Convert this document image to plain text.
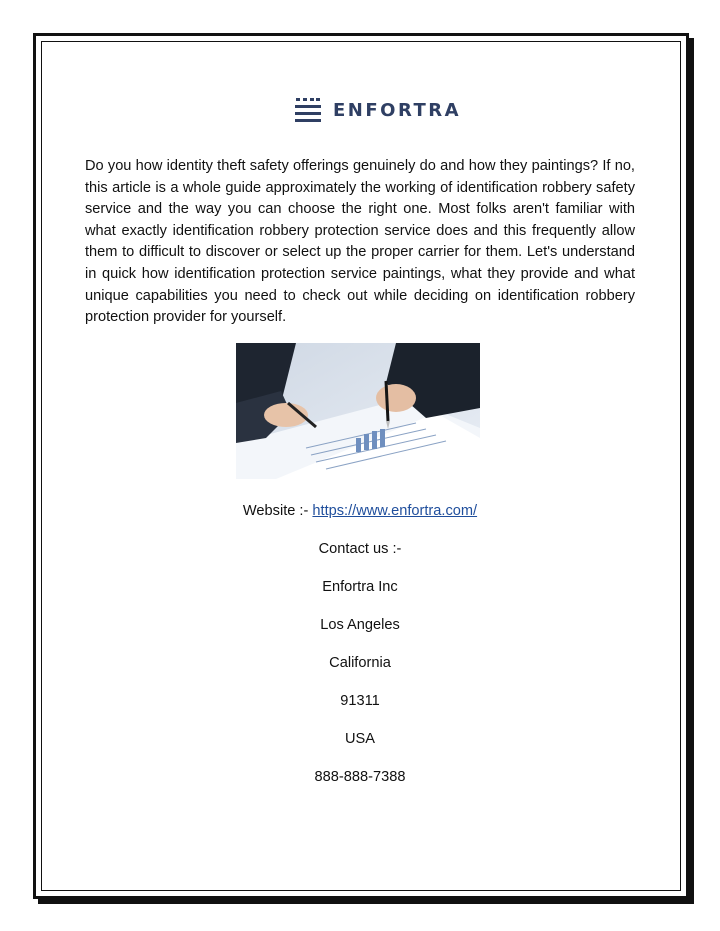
ENFORTRA

Do you how identity theft safety offerings genuinely do and how they paintings? If no, this article is a whole guide approximately the working of identification robbery safety service and the way you can choose the right one. Most folks aren't familiar with what exactly identification robbery protection service does and this frequently allow them to difficult to discover or select up the proper carrier for them. Let's understand in quick how identification protection service paintings, what they provide and what unique capabilities you need to check out while deciding on identification robbery protection provider for yourself.

Website :- https://www.enfortra.com/
Contact us :-
Enfortra Inc
Los Angeles
California
91311
USA
888-888-7388
